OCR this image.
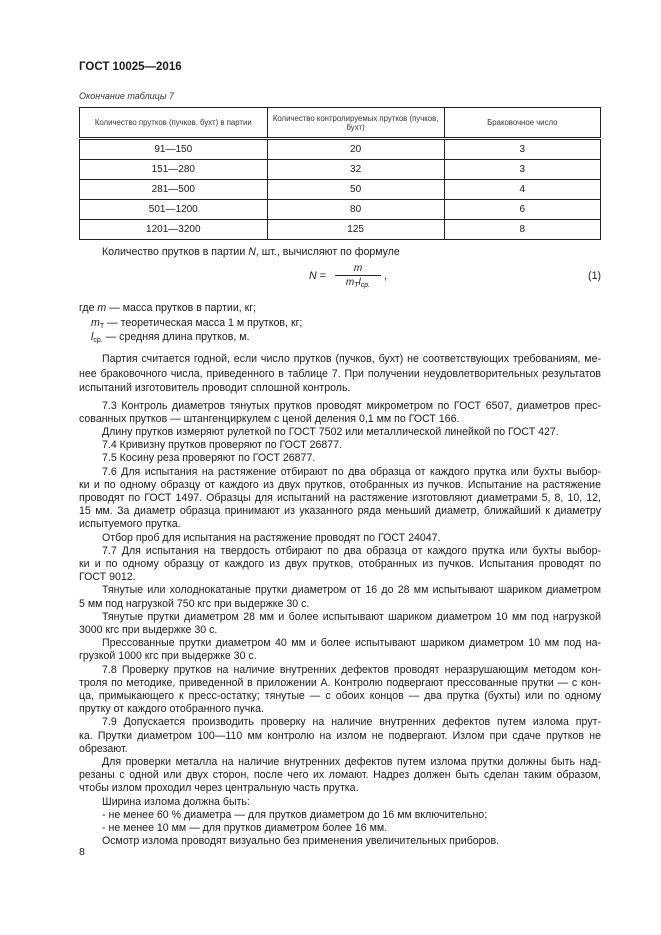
ГОСТ 10025—2016
Окончание таблицы 7
Количество прутков (пучков, бухт) в партии	Количество контролируемых прутков (пучков, бухт)	Браковочное число
91—150	20	3
151—280	32	3
281—500	50	4
501—1200	80	6
1201—3200	125	8
Количество прутков в партии N, шт., вычисляют по формуле
N =
m
$m_Тl_{ср.}$
,	(1)
где m — масса прутков в партии, кг;
$m_Т$ — теоретическая масса 1 м прутков, кг;
$l_{ср.}$ — средняя длина прутков, м.
Партия считается годной, если число прутков (пучков, бухт) не соответствующих требованиям, ме-
нее браковочного числа, приведенного в таблице 7. При получении неудовлетворительных результатов
испытаний изготовитель проводит сплошной контроль.
7.3 Контроль диаметров тянутых прутков проводят микрометром по ГОСТ 6507, диаметров прес-
сованных прутков — штангенциркулем с ценой деления 0,1 мм по ГОСТ 166.
Длину прутков измеряют рулеткой по ГОСТ 7502 или металлической линейкой по ГОСТ 427.
7.4 Кривизну прутков проверяют по ГОСТ 26877.
7.5 Косину реза проверяют по ГОСТ 26877.
7.6 Для испытания на растяжение отбирают по два образца от каждого прутка или бухты выбор-
ки и по одному образцу от каждого из двух прутков, отобранных из пучков. Испытание на растяжение
проводят по ГОСТ 1497. Образцы для испытаний на растяжение изготовляют диаметрами 5, 8, 10, 12,
15 мм. За диаметр образца принимают из указанного ряда меньший диаметр, ближайший к диаметру
испытуемого прутка.
Отбор проб для испытания на растяжение проводят по ГОСТ 24047.
7.7 Для испытания на твердость отбирают по два образца от каждого прутка или бухты выбор-
ки и по одному образцу от каждого из двух прутков, отобранных из пучков. Испытания проводят по
ГОСТ 9012.
Тянутые или холоднокатаные прутки диаметром от 16 до 28 мм испытывают шариком диаметром
5 мм под нагрузкой 750 кгс при выдержке 30 с.
Тянутые прутки диаметром 28 мм и более испытывают шариком диаметром 10 мм под нагрузкой
3000 кгс при выдержке 30 с.
Прессованные прутки диаметром 40 мм и более испытывают шариком диаметром 10 мм под на-
грузкой 1000 кгс при выдержке 30 с.
7.8 Проверку прутков на наличие внутренних дефектов проводят неразрушающим методом кон-
троля по методике, приведенной в приложении А. Контролю подвергают прессованные прутки — с кон-
ца, примыкающего к пресс-остатку; тянутые — с обоих концов — два прутка (бухты) или по одному
прутку от каждого отобранного пучка.
7.9 Допускается производить проверку на наличие внутренних дефектов путем излома прут-
ка. Прутки диаметром 100—110 мм контролю на излом не подвергают. Излом при сдаче прутков не
обрезают.
Для проверки металла на наличие внутренних дефектов путем излома прутки должны быть над-
резаны с одной или двух сторон, после чего их ломают. Надрез должен быть сделан таким образом,
чтобы излом проходил через центральную часть прутка.
Ширина излома должна быть:
- не менее 60 % диаметра — для прутков диаметром до 16 мм включительно;
- не менее 10 мм — для прутков диаметром более 16 мм.
Осмотр излома проводят визуально без применения увеличительных приборов.
8
